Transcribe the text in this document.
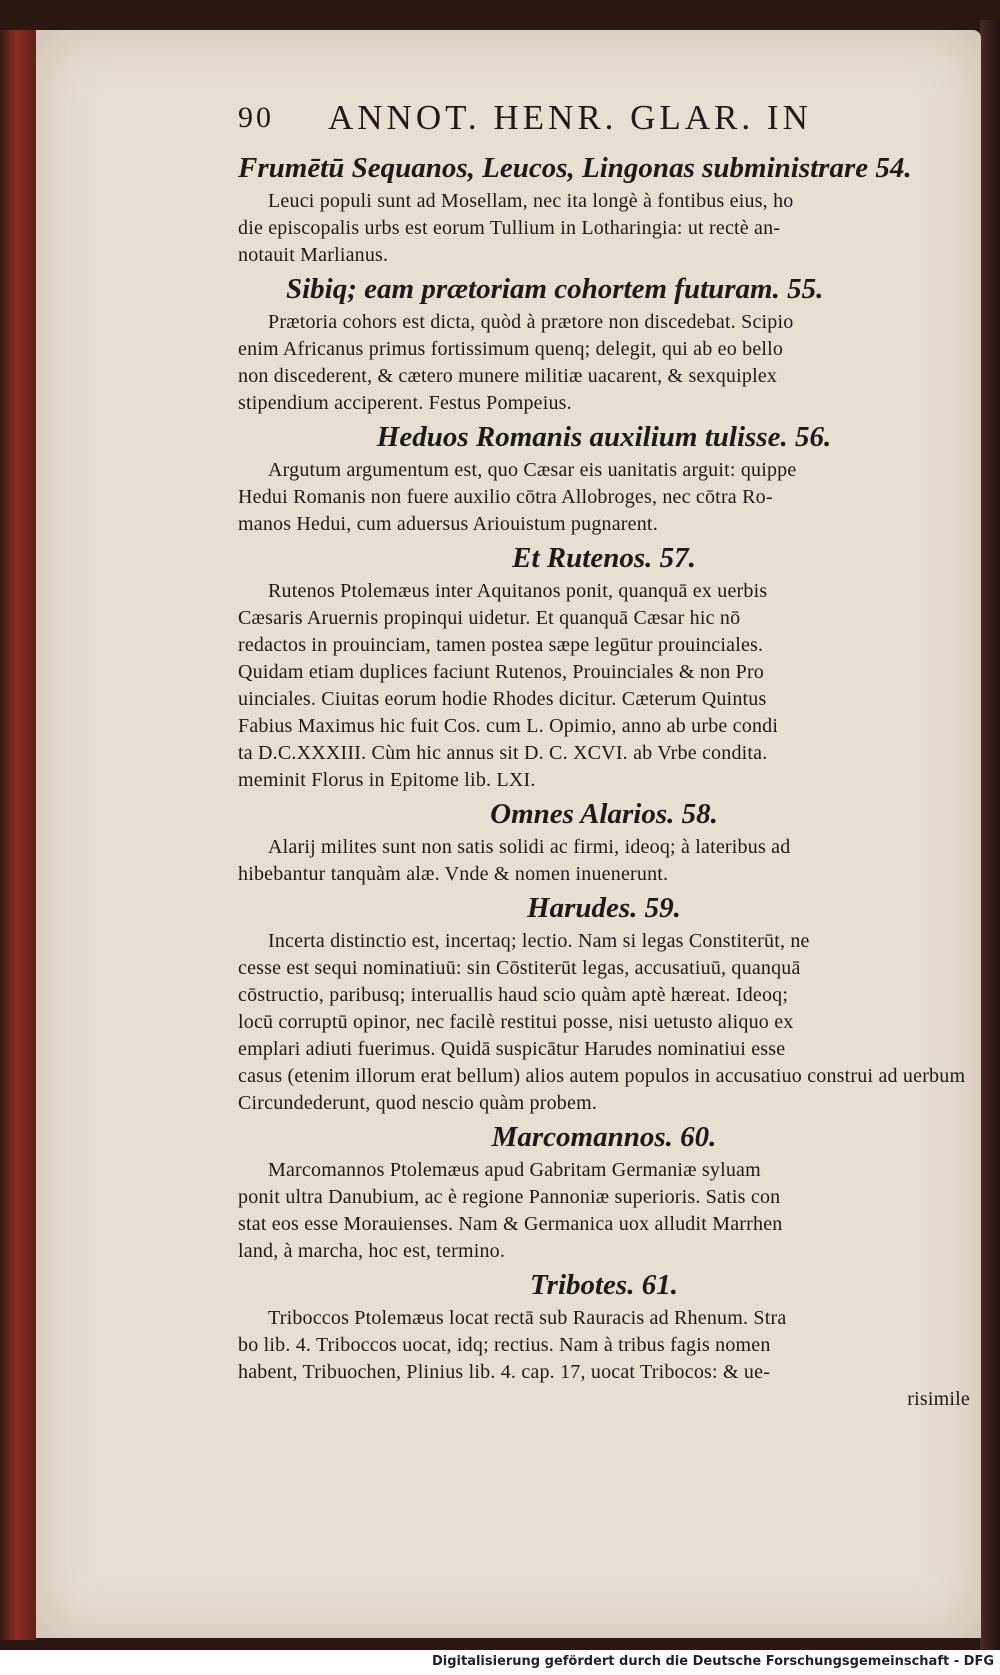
90	ANNOT. HENR. GLAR. IN
Frumētū Sequanos, Leucos, Lingonas subministrare 54.
Leuci populi sunt ad Mosellam, nec ita longè à fontibus eius, ho
die episcopalis urbs est eorum Tullium in Lotharingia: ut rectè an-
notauit Marlianus.
Sibiq; eam prætoriam cohortem futuram. 55.
Prætoria cohors est dicta, quòd à prætore non discedebat. Scipio
enim Africanus primus fortissimum quenq; delegit, qui ab eo bello
non discederent, & cætero munere militiæ uacarent, & sexquiplex
stipendium acciperent. Festus Pompeius.
Heduos Romanis auxilium tulisse. 56.
Argutum argumentum est, quo Cæsar eis uanitatis arguit: quippe
Hedui Romanis non fuere auxilio cōtra Allobroges, nec cōtra Ro-
manos Hedui, cum aduersus Ariouistum pugnarent.
Et Rutenos. 57.
Rutenos Ptolemæus inter Aquitanos ponit, quanquā ex uerbis
Cæsaris Aruernis propinqui uidetur. Et quanquā Cæsar hic nō
redactos in prouinciam, tamen postea sæpe legūtur prouinciales.
Quidam etiam duplices faciunt Rutenos, Prouinciales & non Pro
uinciales. Ciuitas eorum hodie Rhodes dicitur. Cæterum Quintus
Fabius Maximus hic fuit Cos. cum L. Opimio, anno ab urbe condi
ta D.C.XXXIII. Cùm hic annus sit D. C. XCVI. ab Vrbe condita.
meminit Florus in Epitome lib. LXI.
Omnes Alarios. 58.
Alarij milites sunt non satis solidi ac firmi, ideoq; à lateribus ad
hibebantur tanquàm alæ. Vnde & nomen inuenerunt.
Harudes. 59.
Incerta distinctio est, incertaq; lectio. Nam si legas Constiterūt, ne
cesse est sequi nominatiuū: sin Cōstiterūt legas, accusatiuū, quanquā
cōstructio, paribusq; interuallis haud scio quàm aptè hæreat. Ideoq;
locū corruptū opinor, nec facilè restitui posse, nisi uetusto aliquo ex
emplari adiuti fuerimus. Quidā suspicātur Harudes nominatiui esse
casus (etenim illorum erat bellum) alios autem populos in accusatiuo construi ad uerbum Circundederunt, quod nescio quàm probem.
Marcomannos. 60.
Marcomannos Ptolemæus apud Gabritam Germaniæ syluam
ponit ultra Danubium, ac è regione Pannoniæ superioris. Satis con
stat eos esse Morauienses. Nam & Germanica uox alludit Marrhen
land, à marcha, hoc est, termino.
Tribotes. 61.
Triboccos Ptolemæus locat rectā sub Rauracis ad Rhenum. Stra
bo lib. 4. Triboccos uocat, idq; rectius. Nam à tribus fagis nomen
habent, Tribuochen, Plinius lib. 4. cap. 17, uocat Tribocos: & ue-
risimile
Digitalisierung gefördert durch die Deutsche Forschungsgemeinschaft - DFG
